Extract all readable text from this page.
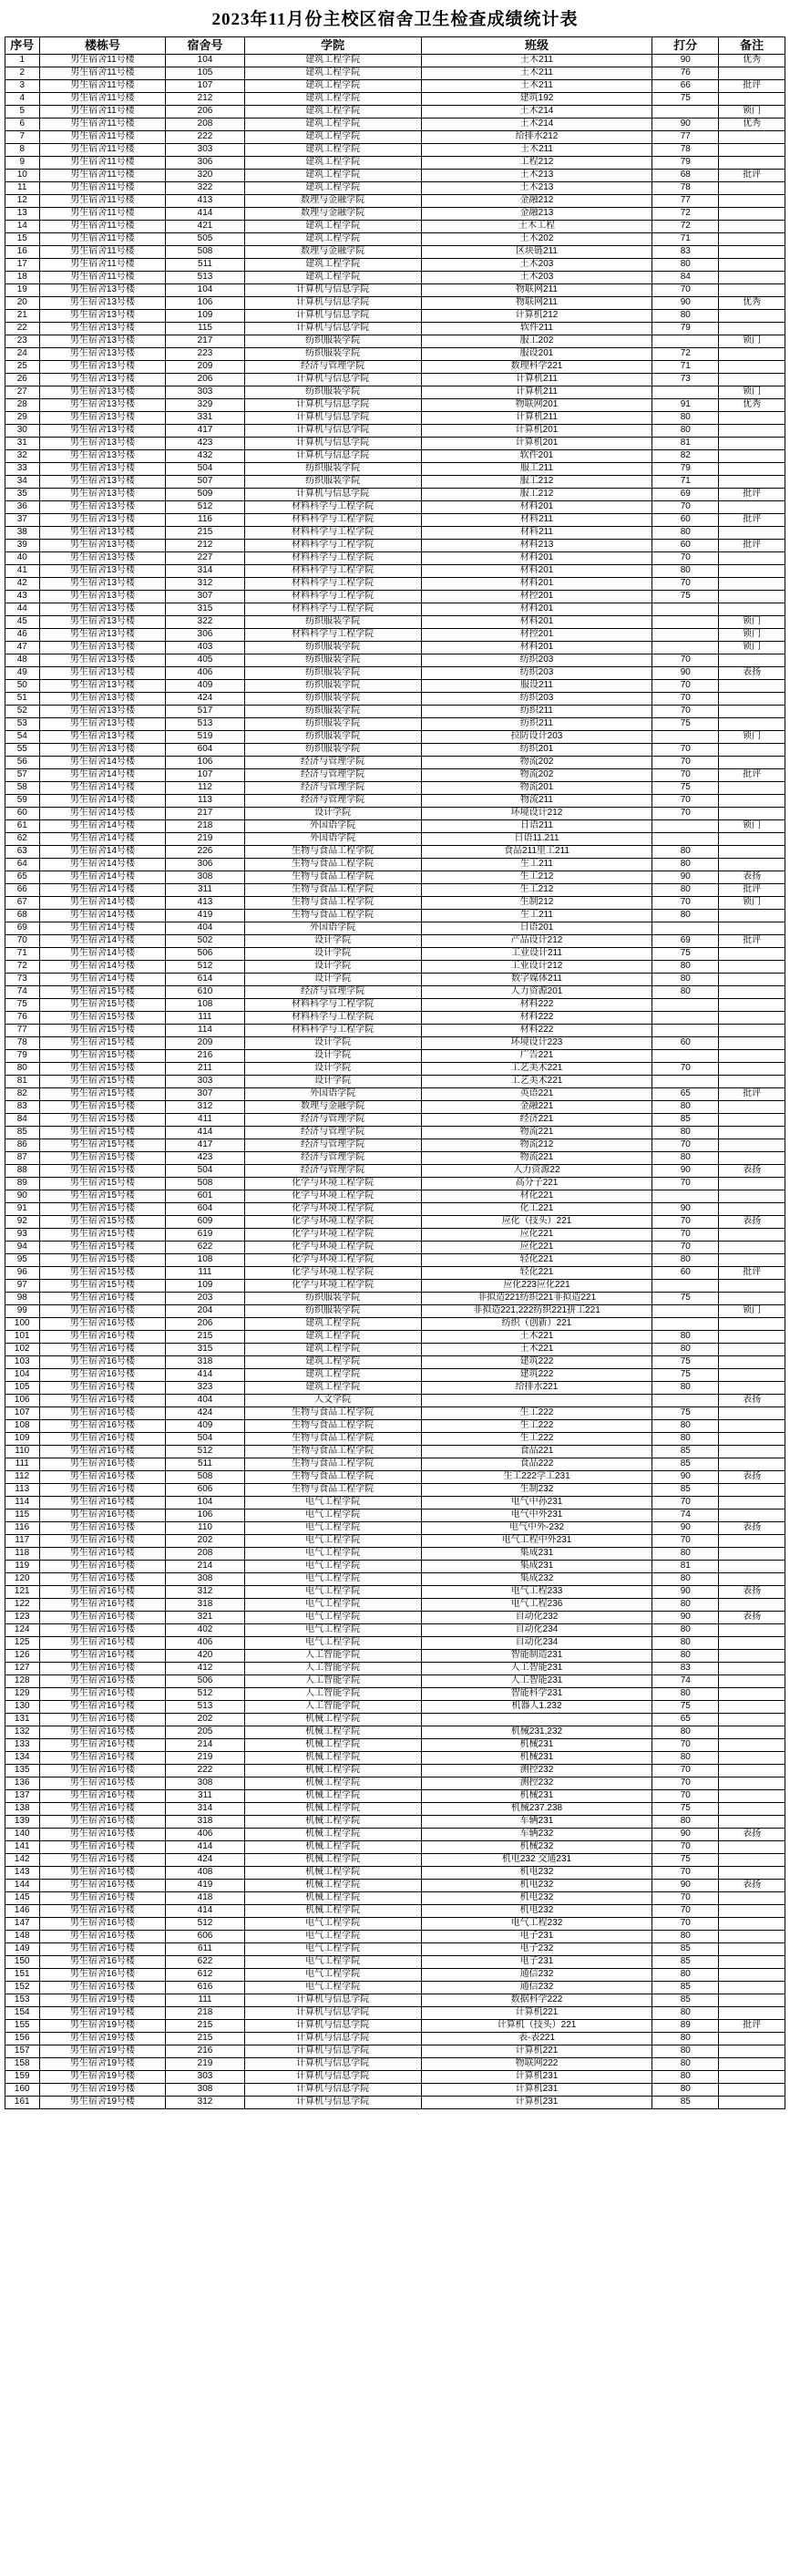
2023年11月份主校区宿舍卫生检查成绩统计表
序号	楼栋号	宿舍号	学院	班级	打分	备注
1	男生宿舍11号楼	104	建筑工程学院	土木211	90	优秀
2	男生宿舍11号楼	105	建筑工程学院	土木211	76	
3	男生宿舍11号楼	107	建筑工程学院	土木211	66	批评
4	男生宿舍11号楼	212	建筑工程学院	建筑192	75	
5	男生宿舍11号楼	206	建筑工程学院	土木214		锁门
6	男生宿舍11号楼	208	建筑工程学院	土木214	90	优秀
7	男生宿舍11号楼	222	建筑工程学院	给排水212	77	
8	男生宿舍11号楼	303	建筑工程学院	土木211	78	
9	男生宿舍11号楼	306	建筑工程学院	工程212	79	
10	男生宿舍11号楼	320	建筑工程学院	土木213	68	批评
11	男生宿舍11号楼	322	建筑工程学院	土木213	78	
12	男生宿舍11号楼	413	数理与金融学院	金融212	77	
13	男生宿舍11号楼	414	数理与金融学院	金融213	72	
14	男生宿舍11号楼	421	建筑工程学院	土木工程	72	
15	男生宿舍11号楼	505	建筑工程学院	土木202	71	
16	男生宿舍11号楼	508	数理与金融学院	区块链211	83	
17	男生宿舍11号楼	511	建筑工程学院	土木203	80	
18	男生宿舍11号楼	513	建筑工程学院	土木203	84	
19	男生宿舍13号楼	104	计算机与信息学院	物联网211	70	
20	男生宿舍13号楼	106	计算机与信息学院	物联网211	90	优秀
21	男生宿舍13号楼	109	计算机与信息学院	计算机212	80	
22	男生宿舍13号楼	115	计算机与信息学院	软件211	79	
23	男生宿舍13号楼	217	纺织服装学院	服工202		锁门
24	男生宿舍13号楼	223	纺织服装学院	服设201	72	
25	男生宿舍13号楼	209	经济与管理学院	数理科学221	71	
26	男生宿舍13号楼	206	计算机与信息学院	计算机211	73	
27	男生宿舍13号楼	303	纺织服装学院	计算机211		锁门
28	男生宿舍13号楼	329	计算机与信息学院	物联网201	91	优秀
29	男生宿舍13号楼	331	计算机与信息学院	计算机211	80	
30	男生宿舍13号楼	417	计算机与信息学院	计算机201	80	
31	男生宿舍13号楼	423	计算机与信息学院	计算机201	81	
32	男生宿舍13号楼	432	计算机与信息学院	软件201	82	
33	男生宿舍13号楼	504	纺织服装学院	服工211	79	
34	男生宿舍13号楼	507	纺织服装学院	服工212	71	
35	男生宿舍13号楼	509	计算机与信息学院	服工212	69	批评
36	男生宿舍13号楼	512	材料科学与工程学院	材料201	70	
37	男生宿舍13号楼	116	材料科学与工程学院	材料211	60	批评
38	男生宿舍13号楼	215	材料科学与工程学院	材料211	80	
39	男生宿舍13号楼	212	材料科学与工程学院	材料213	60	批评
40	男生宿舍13号楼	227	材料科学与工程学院	材料201	70	
41	男生宿舍13号楼	314	材料科学与工程学院	材料201	80	
42	男生宿舍13号楼	312	材料科学与工程学院	材料201	70	
43	男生宿舍13号楼	307	材料科学与工程学院	材控201	75	
44	男生宿舍13号楼	315	材料科学与工程学院	材料201		
45	男生宿舍13号楼	322	纺织服装学院	材料201		锁门
46	男生宿舍13号楼	306	材料科学与工程学院	材控201		锁门
47	男生宿舍13号楼	403	纺织服装学院	材料201		锁门
48	男生宿舍13号楼	405	纺织服装学院	纺织203	70	
49	男生宿舍13号楼	406	纺织服装学院	纺织203	90	表扬
50	男生宿舍13号楼	409	纺织服装学院	服设211	70	
51	男生宿舍13号楼	424	纺织服装学院	纺织203	70	
52	男生宿舍13号楼	517	纺织服装学院	纺织211	70	
53	男生宿舍13号楼	513	纺织服装学院	纺织211	75	
54	男生宿舍13号楼	519	纺织服装学院	拉防设计203		锁门
55	男生宿舍13号楼	604	纺织服装学院	纺织201	70	
56	男生宿舍14号楼	106	经济与管理学院	物流202	70	
57	男生宿舍14号楼	107	经济与管理学院	物流202	70	批评
58	男生宿舍14号楼	112	经济与管理学院	物流201	75	
59	男生宿舍14号楼	113	经济与管理学院	物流211	70	
60	男生宿舍14号楼	217	设计学院	环境设计212	70	
61	男生宿舍14号楼	218	外国语学院	日语211		锁门
62	男生宿舍14号楼	219	外国语学院	日语11.211		
63	男生宿舍14号楼	226	生物与食品工程学院	食品211里工211	80	
64	男生宿舍14号楼	306	生物与食品工程学院	生工211	80	
65	男生宿舍14号楼	308	生物与食品工程学院	生工212	90	表扬
66	男生宿舍14号楼	311	生物与食品工程学院	生工212	80	批评
67	男生宿舍14号楼	413	生物与食品工程学院	生制212	70	锁门
68	男生宿舍14号楼	419	生物与食品工程学院	生工211	80	
69	男生宿舍14号楼	404	外国语学院	日语201		
70	男生宿舍14号楼	502	设计学院	产品设计212	69	批评
71	男生宿舍14号楼	506	设计学院	工业设计211	75	
72	男生宿舍14号楼	512	设计学院	工业设计212	80	
73	男生宿舍14号楼	614	设计学院	数字媒体211	80	
74	男生宿舍15号楼	610	经济与管理学院	人力资源201	80	
75	男生宿舍15号楼	108	材料科学与工程学院	材料222		
76	男生宿舍15号楼	111	材料科学与工程学院	材料222		
77	男生宿舍15号楼	114	材料科学与工程学院	材料222		
78	男生宿舍15号楼	209	设计学院	环境设计223	60	
79	男生宿舍15号楼	216	设计学院	广告221		
80	男生宿舍15号楼	211	设计学院	工艺美术221	70	
81	男生宿舍15号楼	303	设计学院	工艺美术221		
82	男生宿舍15号楼	307	外国语学院	英语221	65	批评
83	男生宿舍15号楼	312	数理与金融学院	金融221	80	
84	男生宿舍15号楼	411	经济与管理学院	经济221	85	
85	男生宿舍15号楼	414	经济与管理学院	物流221	80	
86	男生宿舍15号楼	417	经济与管理学院	物流212	70	
87	男生宿舍15号楼	423	经济与管理学院	物流221	80	
88	男生宿舍15号楼	504	经济与管理学院	人力资源22	90	表扬
89	男生宿舍15号楼	508	化学与环境工程学院	高分子221	70	
90	男生宿舍15号楼	601	化学与环境工程学院	材化221		
91	男生宿舍15号楼	604	化学与环境工程学院	化工221	90	
92	男生宿舍15号楼	609	化学与环境工程学院	应化（技头）221	70	表扬
93	男生宿舍15号楼	619	化学与环境工程学院	应化221	70	
94	男生宿舍15号楼	622	化学与环境工程学院	应化221	70	
95	男生宿舍15号楼	108	化学与环境工程学院	轻化221	80	
96	男生宿舍15号楼	111	化学与环境工程学院	轻化221	60	批评
97	男生宿舍15号楼	109	化学与环境工程学院	应化223应化221		
98	男生宿舍16号楼	203	纺织服装学院	非拟造221纺织221非拟造221	75	
99	男生宿舍16号楼	204	纺织服装学院	非拟造221,222纺织221拼工221		锁门
100	男生宿舍16号楼	206	建筑工程学院	纺织（创新）221		
101	男生宿舍16号楼	215	建筑工程学院	土木221	80	
102	男生宿舍16号楼	315	建筑工程学院	土木221	80	
103	男生宿舍16号楼	318	建筑工程学院	建筑222	75	
104	男生宿舍16号楼	414	建筑工程学院	建筑222	75	
105	男生宿舍16号楼	323	建筑工程学院	给排水221	80	
106	男生宿舍16号楼	404	人文学院			表扬
107	男生宿舍16号楼	424	生物与食品工程学院	生工222	75	
108	男生宿舍16号楼	409	生物与食品工程学院	生工222	80	
109	男生宿舍16号楼	504	生物与食品工程学院	生工222	80	
110	男生宿舍16号楼	512	生物与食品工程学院	食品221	85	
111	男生宿舍16号楼	511	生物与食品工程学院	食品222	85	
112	男生宿舍16号楼	508	生物与食品工程学院	生工222学工231	90	表扬
113	男生宿舍16号楼	606	生物与食品工程学院	生制232	85	
114	男生宿舍16号楼	104	电气工程学院	电气中孙231	70	
115	男生宿舍16号楼	106	电气工程学院	电气中外231	74	
116	男生宿舍16号楼	110	电气工程学院	电气中外-232	90	表扬
117	男生宿舍16号楼	202	电气工程学院	电气工程中外231	70	
118	男生宿舍16号楼	208	电气工程学院	集成231	80	
119	男生宿舍16号楼	214	电气工程学院	集成231	81	
120	男生宿舍16号楼	308	电气工程学院	集成232	80	
121	男生宿舍16号楼	312	电气工程学院	电气工程233	90	表扬
122	男生宿舍16号楼	318	电气工程学院	电气工程236	80	
123	男生宿舍16号楼	321	电气工程学院	自动化232	90	表扬
124	男生宿舍16号楼	402	电气工程学院	自动化234	80	
125	男生宿舍16号楼	406	电气工程学院	自动化234	80	
126	男生宿舍16号楼	420	人工智能学院	智能制造231	80	
127	男生宿舍16号楼	412	人工智能学院	人工智能231	83	
128	男生宿舍16号楼	506	人工智能学院	人工智能231	74	
129	男生宿舍16号楼	512	人工智能学院	智能科学231	80	
130	男生宿舍16号楼	513	人工智能学院	机器人1.232	75	
131	男生宿舍16号楼	202	机械工程学院		65	
132	男生宿舍16号楼	205	机械工程学院	机械231,232	80	
133	男生宿舍16号楼	214	机械工程学院	机械231	70	
134	男生宿舍16号楼	219	机械工程学院	机械231	80	
135	男生宿舍16号楼	222	机械工程学院	测控232	70	
136	男生宿舍16号楼	308	机械工程学院	测控232	70	
137	男生宿舍16号楼	311	机械工程学院	机械231	70	
138	男生宿舍16号楼	314	机械工程学院	机械237.238	75	
139	男生宿舍16号楼	318	机械工程学院	车辆231	80	
140	男生宿舍16号楼	406	机械工程学院	车辆232	90	表扬
141	男生宿舍16号楼	414	机械工程学院	机械232	70	
142	男生宿舍16号楼	424	机械工程学院	机电232 交通231	75	
143	男生宿舍16号楼	408	机械工程学院	机电232	70	
144	男生宿舍16号楼	419	机械工程学院	机电232	90	表扬
145	男生宿舍16号楼	418	机械工程学院	机电232	70	
146	男生宿舍16号楼	414	机械工程学院	机电232	70	
147	男生宿舍16号楼	512	电气工程学院	电气工程232	70	
148	男生宿舍16号楼	606	电气工程学院	电子231	80	
149	男生宿舍16号楼	611	电气工程学院	电子232	85	
150	男生宿舍16号楼	622	电气工程学院	电子231	85	
151	男生宿舍16号楼	612	电气工程学院	通信232	80	
152	男生宿舍16号楼	616	电气工程学院	通信232	85	
153	男生宿舍19号楼	111	计算机与信息学院	数据科学222	85	
154	男生宿舍19号楼	218	计算机与信息学院	计算机221	80	
155	男生宿舍19号楼	215	计算机与信息学院	计算机（技头）221	89	批评
156	男生宿舍19号楼	215	计算机与信息学院	表-表221	80	
157	男生宿舍19号楼	216	计算机与信息学院	计算机221	80	
158	男生宿舍19号楼	219	计算机与信息学院	物联网222	80	
159	男生宿舍19号楼	303	计算机与信息学院	计算机231	80	
160	男生宿舍19号楼	308	计算机与信息学院	计算机231	80	
161	男生宿舍19号楼	312	计算机与信息学院	计算机231	85	
